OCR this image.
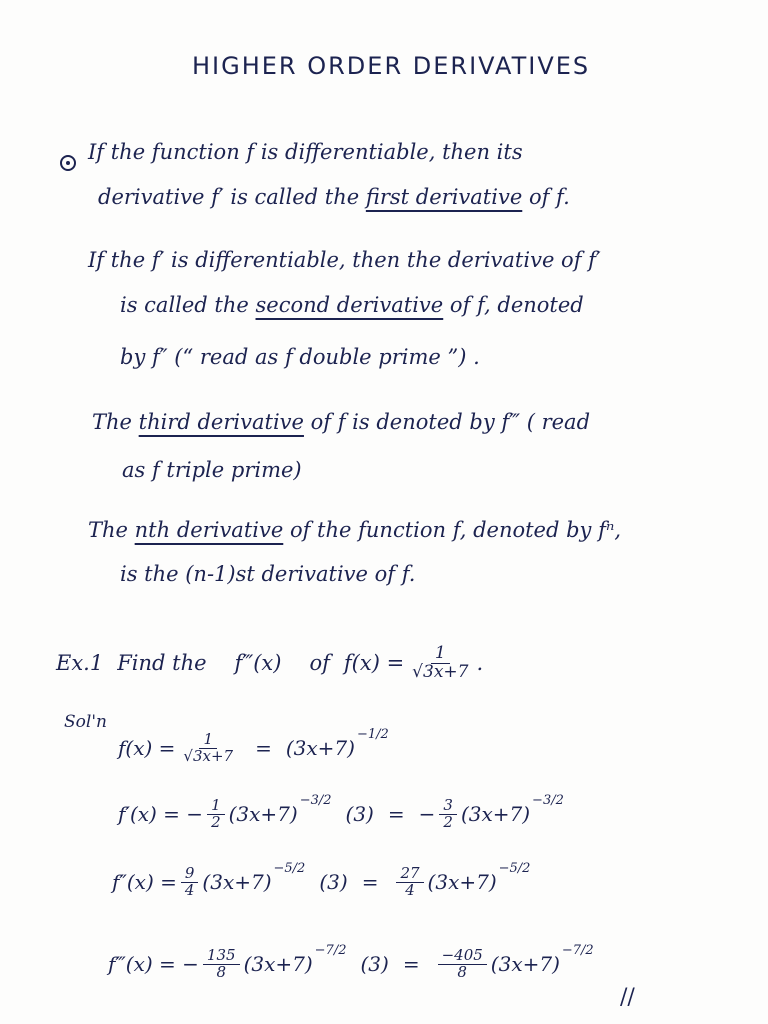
HIGHER ORDER DERIVATIVES
If the function f is differentiable, then its
derivative f′ is called the first derivative of f.
If the f′ is differentiable, then the derivative of f′
is called the second derivative of f, denoted
by f″ (“ read as f double prime ”) .
The third derivative of f is denoted by f‴ ( read
as f triple prime)
The nth derivative of the function f, denoted by fⁿ,
is the (n-1)st derivative of f.
Ex.1 Find the f‴(x) of $f(x) = \frac{1}{√3x+7}$ .
Sol'n
$f(x) = \frac{1}{√3x+7} = (3x+7)$
−1/2
f′(x) = − $\frac{1}{2} (3x+7)$
−3/2
(3) = − $\frac{3}{2} (3x+7)$
−3/2
$f''(x) = \frac{9}{4} (3x+7)$
−5/2
$(3) = \frac{27}{4} (3x+7)$
−5/2
f‴(x) = − $\frac{135}{8} (3x+7)$
−7/2
$(3) = \frac{-405}{8} (3x+7)$
−7/2
//
